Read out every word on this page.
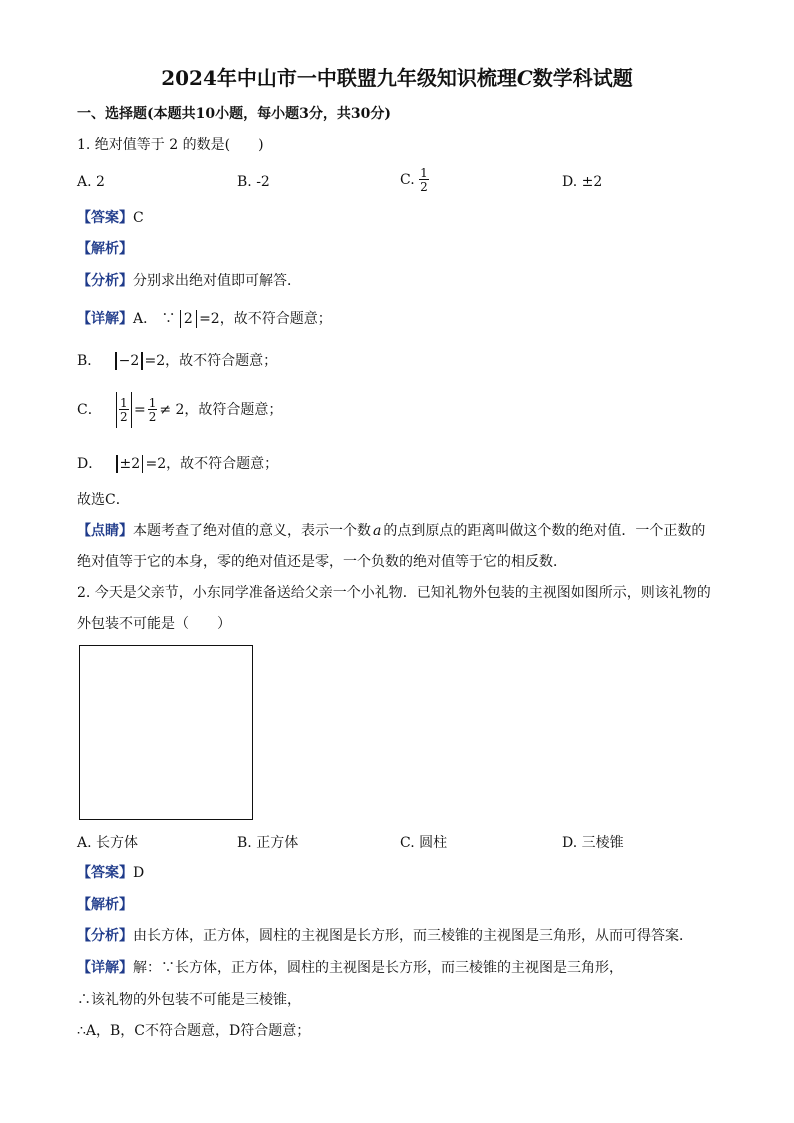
2024年中山市一中联盟九年级知识梳理C数学科试题
一、选择题(本题共10小题，每小题3分，共30分)
1. 绝对值等于 2 的数是(　　)
A. 2	B. -2	C. $\frac{1}{2}$	D. ±2
【答案】C
【解析】
【分析】分别求出绝对值即可解答．
【详解】A． ∵ 2 =2，故不符合题意；
B． −2 =2，故不符合题意；
C． $\frac{1}{2} = \frac{1}{2} \ne 2$ ，故符合题意；
D． ±2 =2，故不符合题意；
故选C．
【点睛】本题考查了绝对值的意义，表示一个数 a 的点到原点的距离叫做这个数的绝对值．一个正数的
绝对值等于它的本身，零的绝对值还是零，一个负数的绝对值等于它的相反数．
2. 今天是父亲节，小东同学准备送给父亲一个小礼物．已知礼物外包装的主视图如图所示，则该礼物的
外包装不可能是（　　）
A. 长方体	B. 正方体	C. 圆柱	D. 三棱锥
【答案】D
【解析】
【分析】由长方体，正方体，圆柱的主视图是长方形，而三棱锥的主视图是三角形，从而可得答案．
【详解】解：∵长方体，正方体，圆柱的主视图是长方形，而三棱锥的主视图是三角形，
∴该礼物的外包装不可能是三棱锥，
∴A，B，C不符合题意，D符合题意；
